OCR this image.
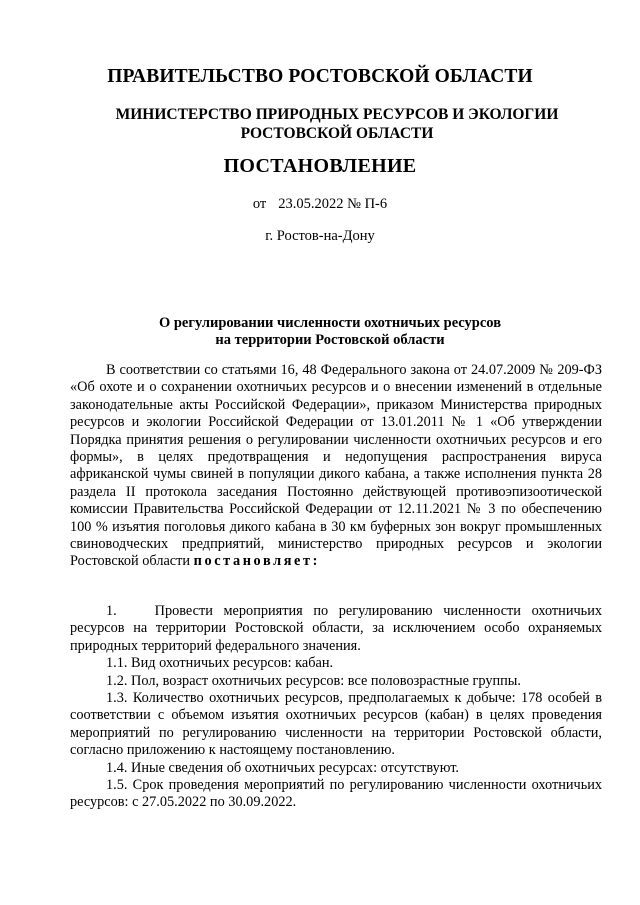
ПРАВИТЕЛЬСТВО РОСТОВСКОЙ ОБЛАСТИ
МИНИСТЕРСТВО ПРИРОДНЫХ РЕСУРСОВ И ЭКОЛОГИИ
РОСТОВСКОЙ ОБЛАСТИ
ПОСТАНОВЛЕНИЕ
от 23.05.2022 № П-6
г. Ростов-на-Дону
О регулировании численности охотничьих ресурсов
на территории Ростовской области

В соответствии со статьями 16, 48 Федерального закона от 24.07.2009 № 209-ФЗ «Об охоте и о сохранении охотничьих ресурсов и о внесении изменений в отдельные законодательные акты Российской Федерации», приказом Министерства природных ресурсов и экологии Российской Федерации от 13.01.2011 № 1 «Об утверждении Порядка принятия решения о регулировании численности охотничьих ресурсов и его формы», в целях предотвращения и недопущения распространения вируса африканской чумы свиней в популяции дикого кабана, а также исполнения пункта 28 раздела II протокола заседания Постоянно действующей противоэпизоотической комиссии Правительства Российской Федерации от 12.11.2021 № 3 по обеспечению 100 % изъятия поголовья дикого кабана в 30 км буферных зон вокруг промышленных свиноводческих предприятий, министерство природных ресурсов и экологии Ростовской области постановляет:

1.	Провести мероприятия по регулированию численности охотничьих ресурсов на территории Ростовской области, за исключением особо охраняемых природных территорий федерального значения.

1.1. Вид охотничьих ресурсов: кабан.

1.2. Пол, возраст охотничьих ресурсов: все половозрастные группы.

1.3. Количество охотничьих ресурсов, предполагаемых к добыче: 178 особей в соответствии с объемом изъятия охотничьих ресурсов (кабан) в целях проведения мероприятий по регулированию численности на территории Ростовской области, согласно приложению к настоящему постановлению.

1.4. Иные сведения об охотничьих ресурсах: отсутствуют.

1.5. Срок проведения мероприятий по регулированию численности охотничьих ресурсов: с 27.05.2022 по 30.09.2022.
